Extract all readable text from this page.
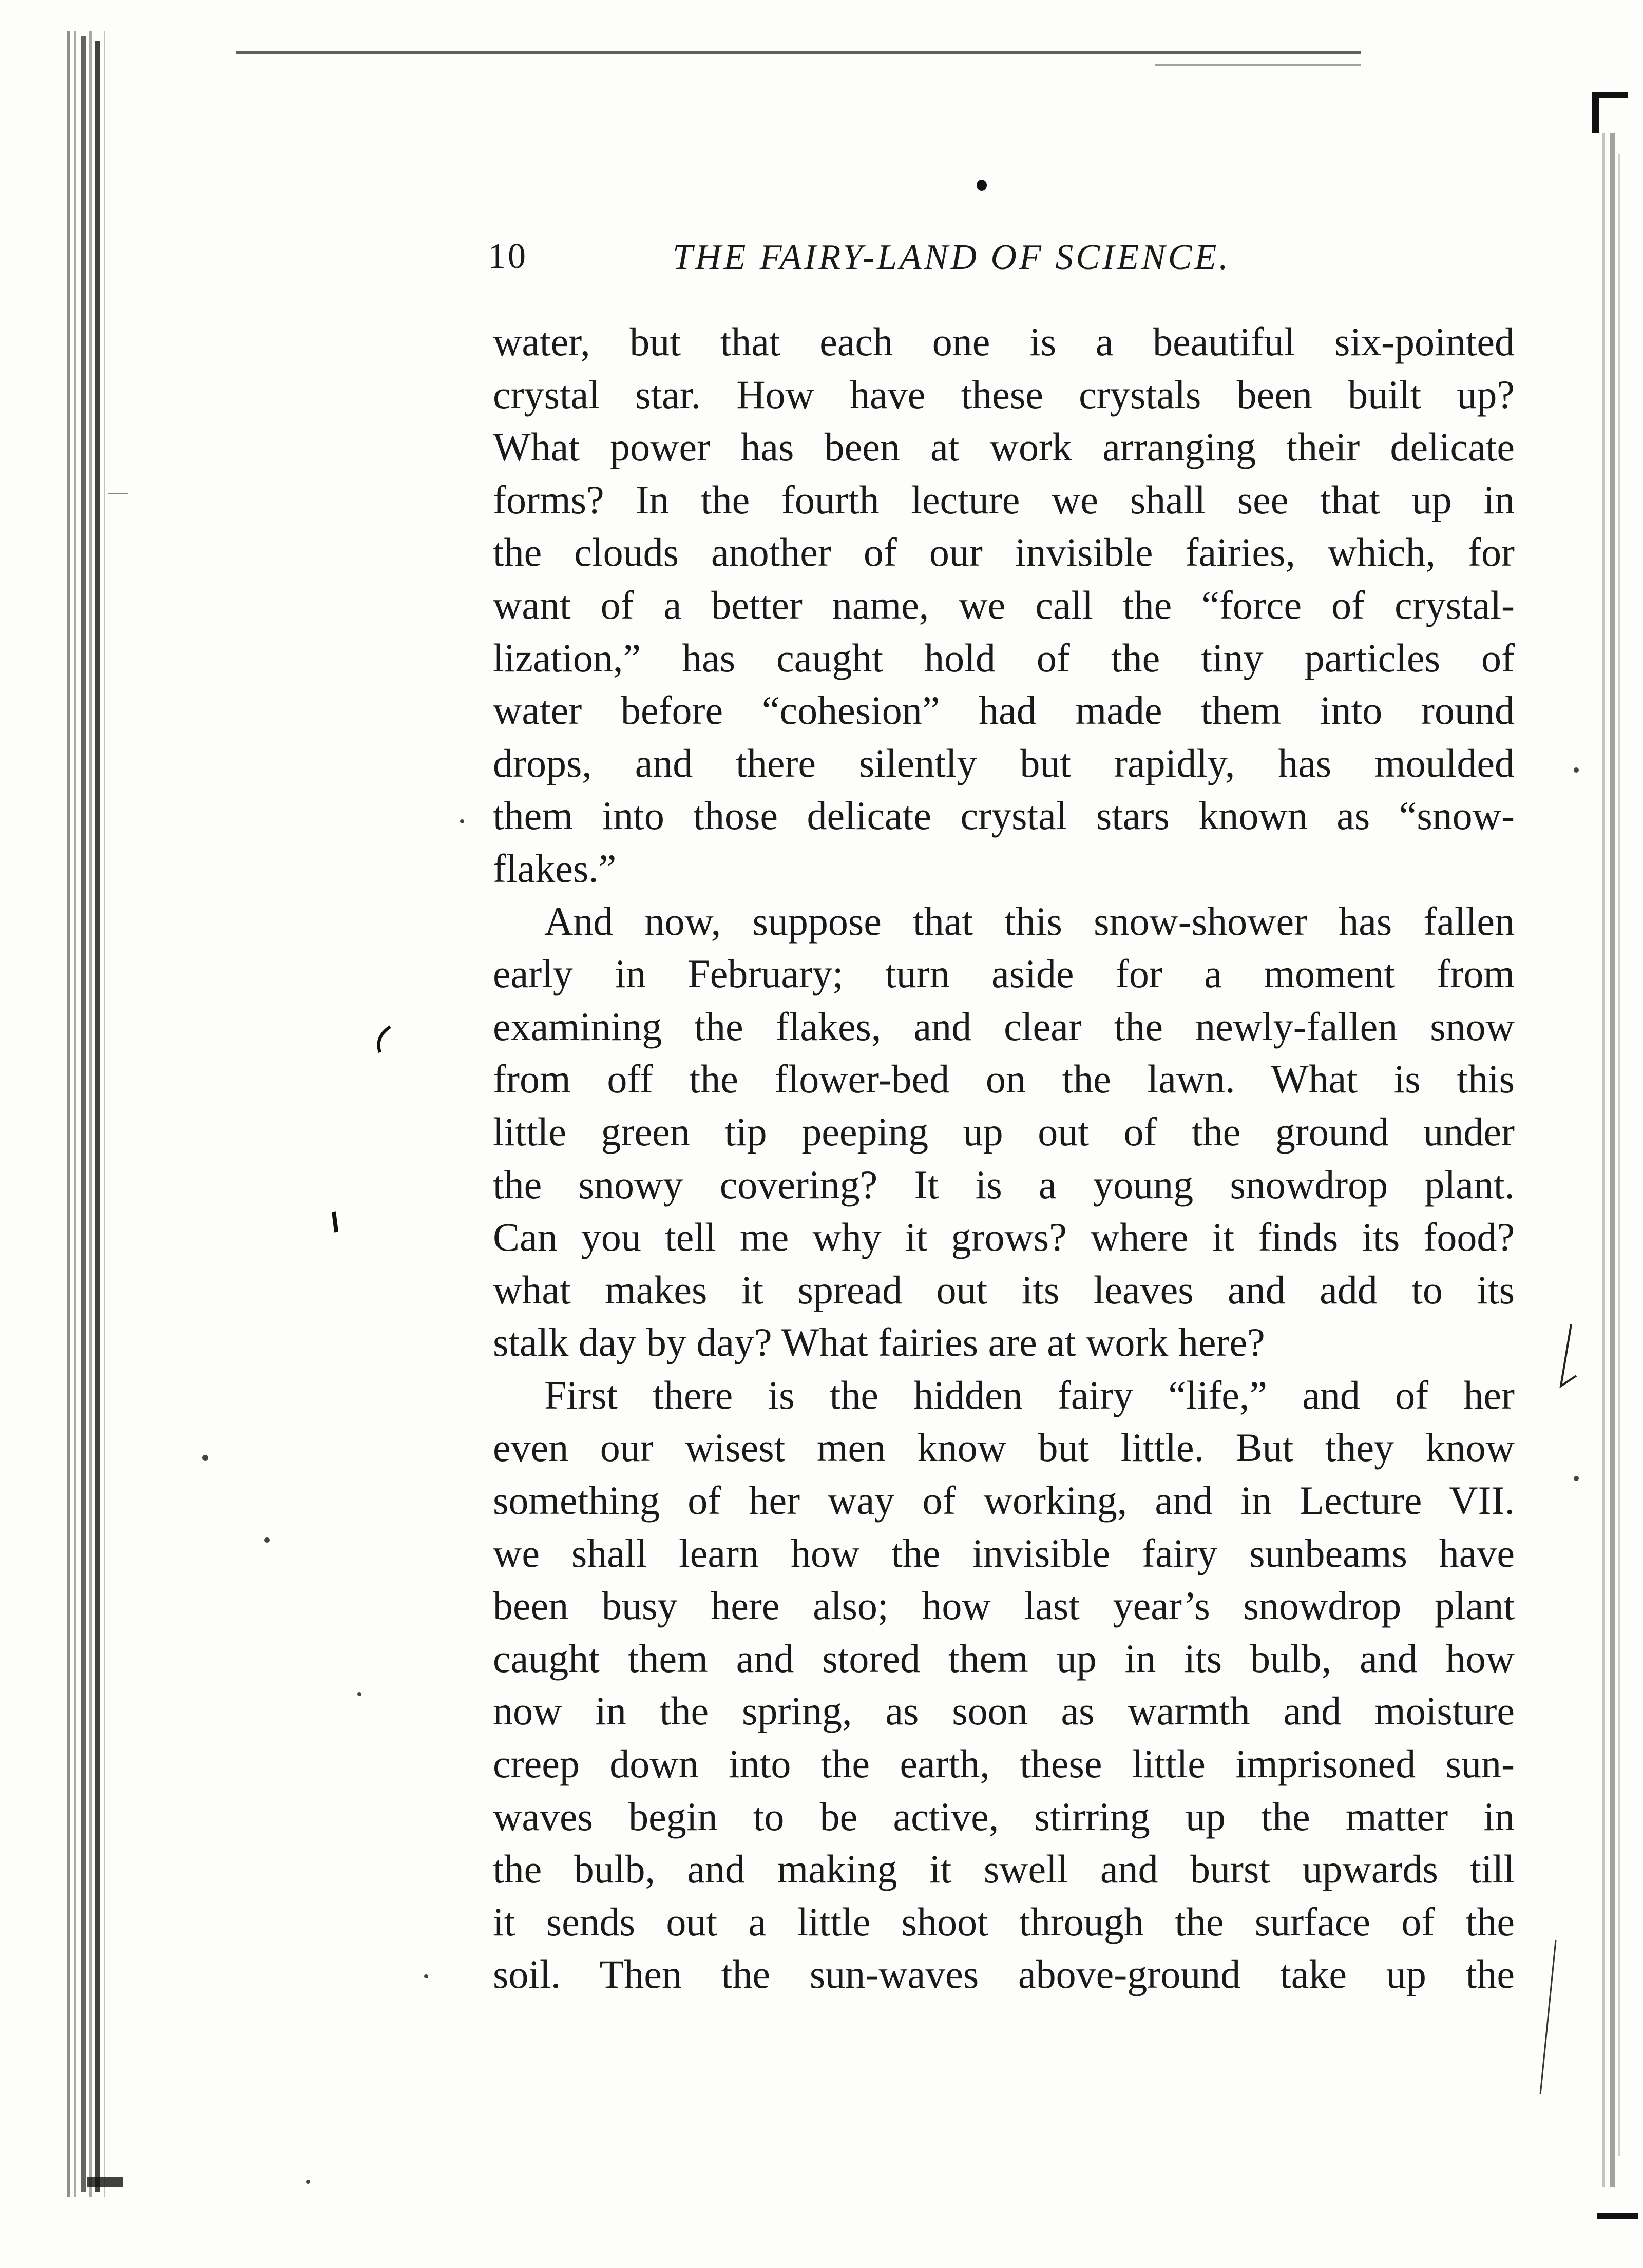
10	THE FAIRY-LAND OF SCIENCE.
water, but that each one is a beautiful six-pointed
crystal star. How have these crystals been built up?
What power has been at work arranging their delicate
forms? In the fourth lecture we shall see that up in
the clouds another of our invisible fairies, which, for
want of a better name, we call the “force of crystal-
lization,” has caught hold of the tiny particles of
water before “cohesion” had made them into round
drops, and there silently but rapidly, has moulded
them into those delicate crystal stars known as “snow-
flakes.”
And now, suppose that this snow-shower has fallen
early in February; turn aside for a moment from
examining the flakes, and clear the newly-fallen snow
from off the flower-bed on the lawn. What is this
little green tip peeping up out of the ground under
the snowy covering? It is a young snowdrop plant.
Can you tell me why it grows? where it finds its food?
what makes it spread out its leaves and add to its
stalk day by day? What fairies are at work here?
First there is the hidden fairy “life,” and of her
even our wisest men know but little. But they know
something of her way of working, and in Lecture VII.
we shall learn how the invisible fairy sunbeams have
been busy here also; how last year’s snowdrop plant
caught them and stored them up in its bulb, and how
now in the spring, as soon as warmth and moisture
creep down into the earth, these little imprisoned sun-
waves begin to be active, stirring up the matter in
the bulb, and making it swell and burst upwards till
it sends out a little shoot through the surface of the
soil. Then the sun-waves above-ground take up the
